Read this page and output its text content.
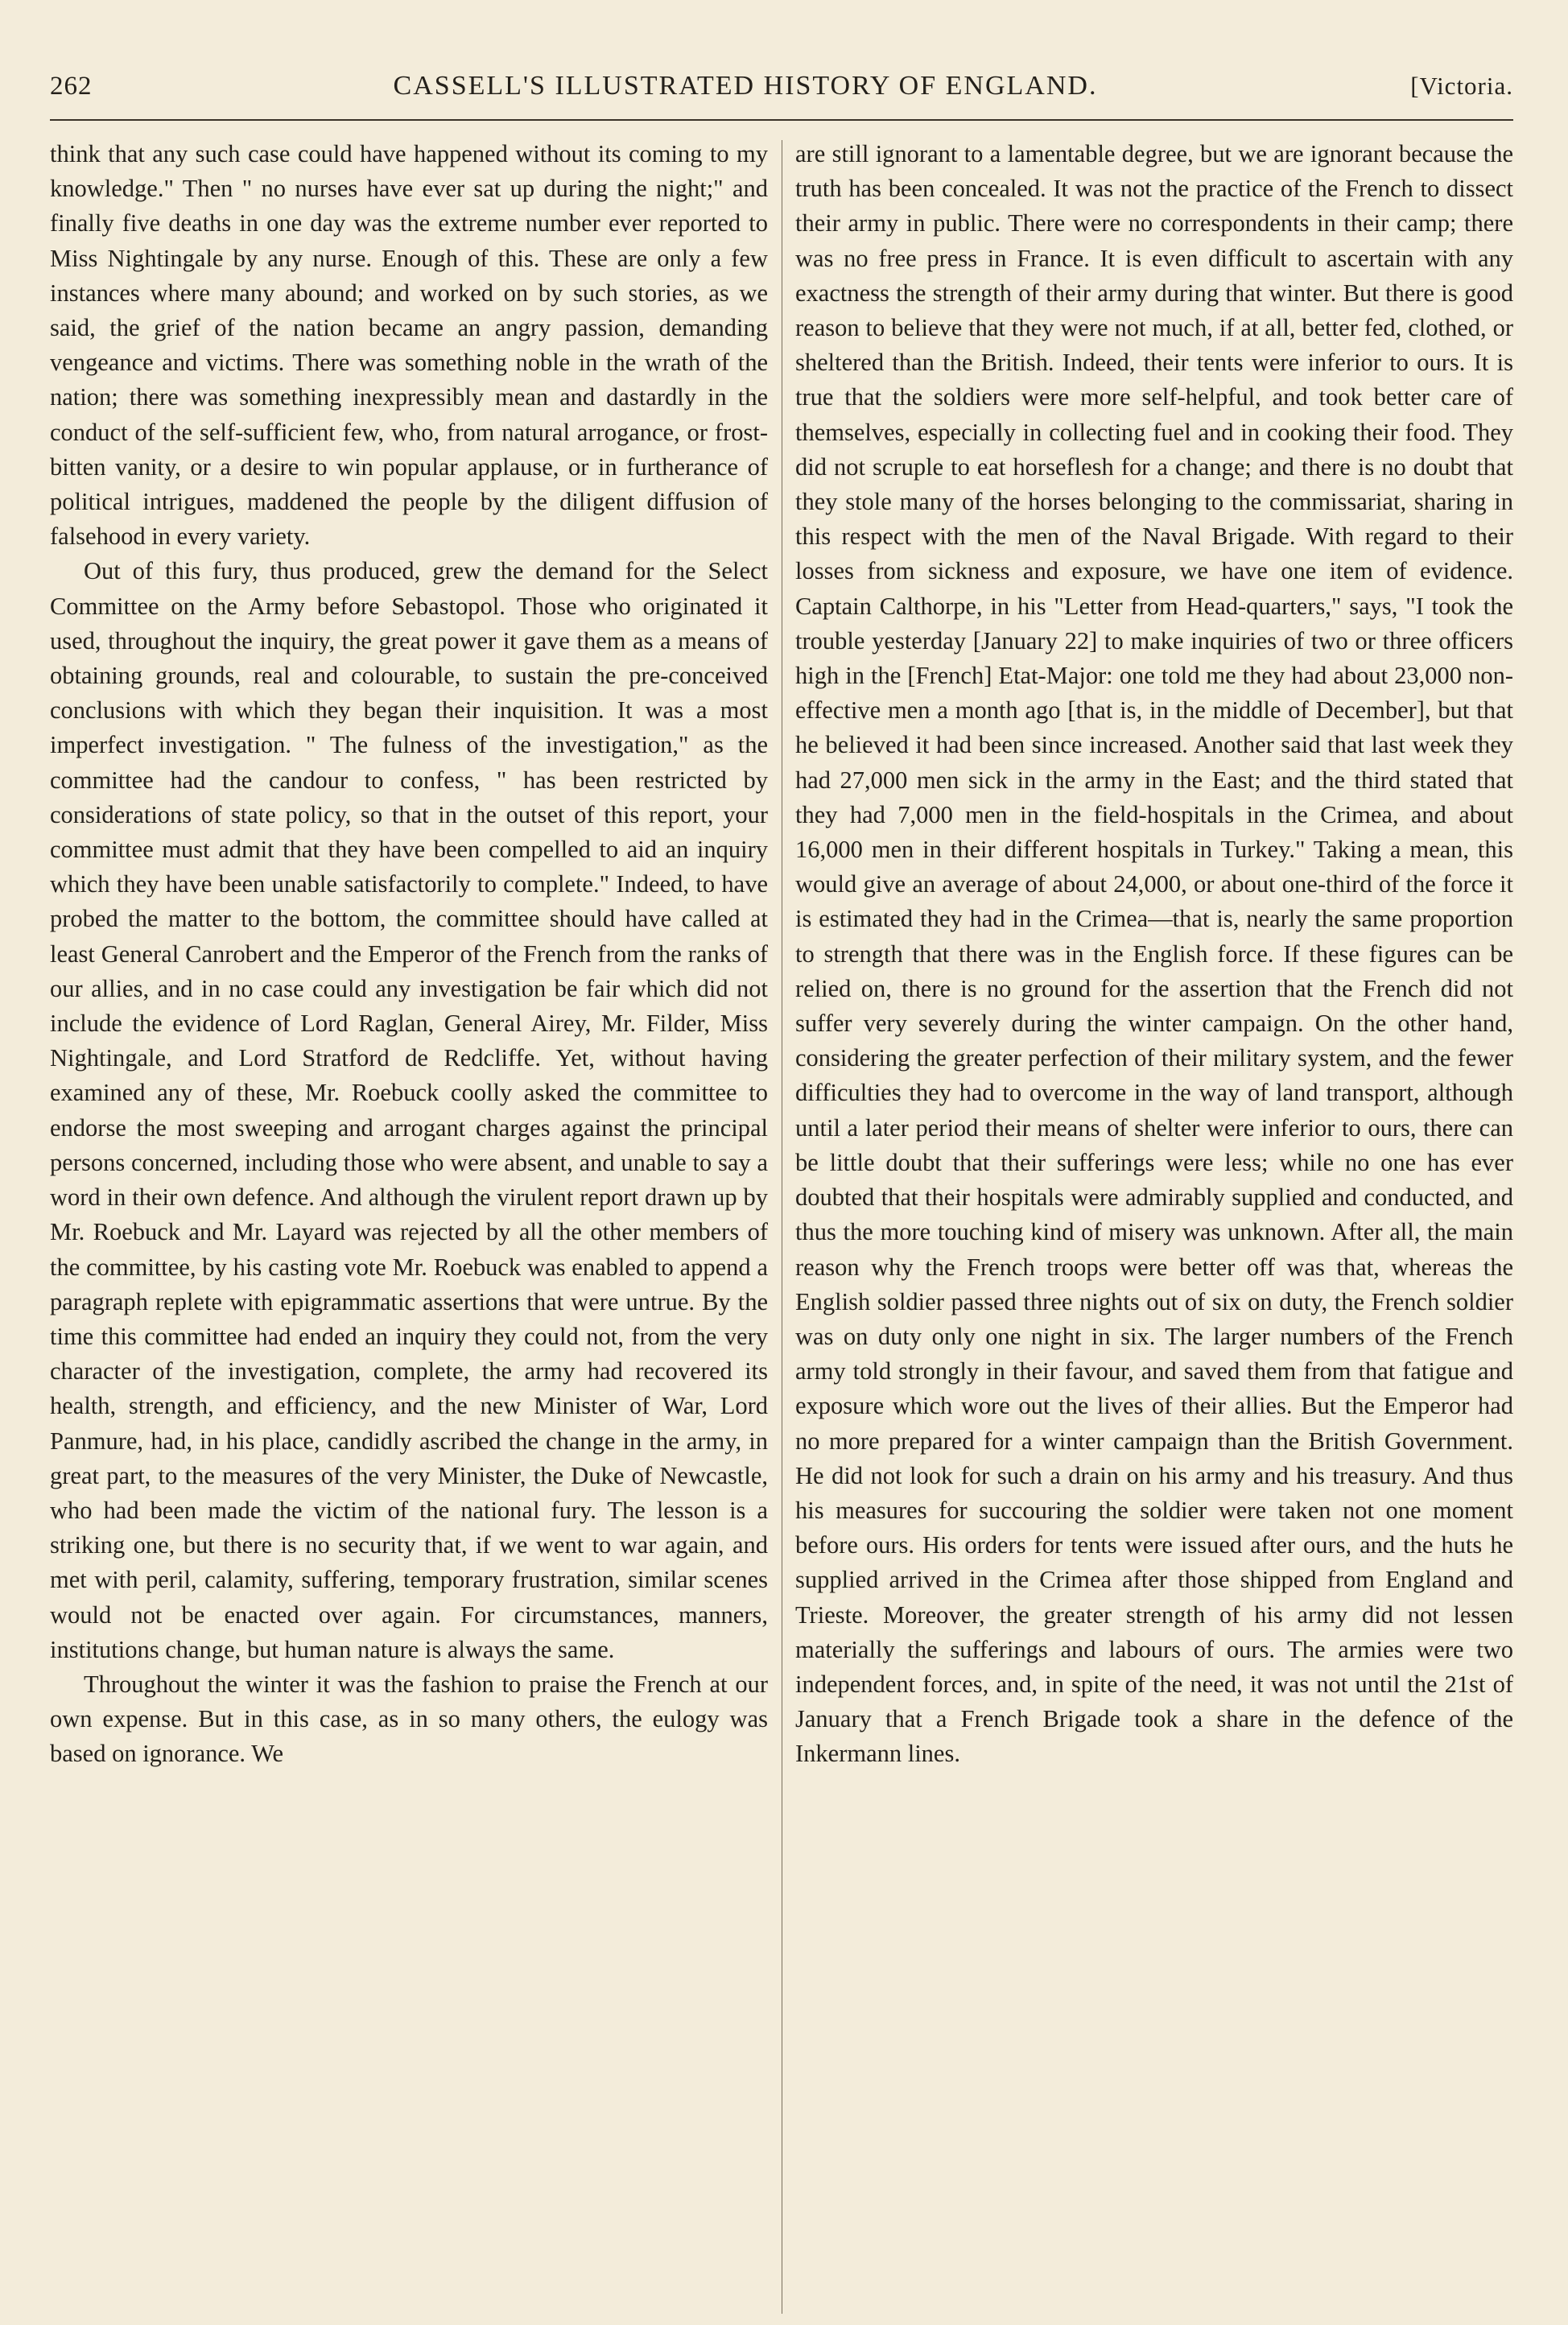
262	CASSELL'S ILLUSTRATED HISTORY OF ENGLAND.	[Victoria.

think that any such case could have happened without its coming to my knowledge." Then " no nurses have ever sat up during the night;" and finally five deaths in one day was the extreme number ever reported to Miss Nightingale by any nurse. Enough of this. These are only a few instances where many abound; and worked on by such stories, as we said, the grief of the nation became an angry passion, demanding vengeance and victims. There was something noble in the wrath of the nation; there was something inexpressibly mean and dastardly in the conduct of the self-sufficient few, who, from natural arrogance, or frost-bitten vanity, or a desire to win popular applause, or in furtherance of political intrigues, maddened the people by the diligent diffusion of falsehood in every variety.

Out of this fury, thus produced, grew the demand for the Select Committee on the Army before Sebastopol. Those who originated it used, throughout the inquiry, the great power it gave them as a means of obtaining grounds, real and colourable, to sustain the pre-conceived conclusions with which they began their inquisition. It was a most imperfect investigation. " The fulness of the investigation," as the committee had the candour to confess, " has been restricted by considerations of state policy, so that in the outset of this report, your committee must admit that they have been compelled to aid an inquiry which they have been unable satisfactorily to complete." Indeed, to have probed the matter to the bottom, the committee should have called at least General Canrobert and the Emperor of the French from the ranks of our allies, and in no case could any investigation be fair which did not include the evidence of Lord Raglan, General Airey, Mr. Filder, Miss Nightingale, and Lord Stratford de Redcliffe. Yet, without having examined any of these, Mr. Roebuck coolly asked the committee to endorse the most sweeping and arrogant charges against the principal persons concerned, including those who were absent, and unable to say a word in their own defence. And although the virulent report drawn up by Mr. Roebuck and Mr. Layard was rejected by all the other members of the committee, by his casting vote Mr. Roebuck was enabled to append a paragraph replete with epigrammatic assertions that were untrue. By the time this committee had ended an inquiry they could not, from the very character of the investigation, complete, the army had recovered its health, strength, and efficiency, and the new Minister of War, Lord Panmure, had, in his place, candidly ascribed the change in the army, in great part, to the measures of the very Minister, the Duke of Newcastle, who had been made the victim of the national fury. The lesson is a striking one, but there is no security that, if we went to war again, and met with peril, calamity, suffering, temporary frustration, similar scenes would not be enacted over again. For circumstances, manners, institutions change, but human nature is always the same.

Throughout the winter it was the fashion to praise the French at our own expense. But in this case, as in so many others, the eulogy was based on ignorance. We

are still ignorant to a lamentable degree, but we are ignorant because the truth has been concealed. It was not the practice of the French to dissect their army in public. There were no correspondents in their camp; there was no free press in France. It is even difficult to ascertain with any exactness the strength of their army during that winter. But there is good reason to believe that they were not much, if at all, better fed, clothed, or sheltered than the British. Indeed, their tents were inferior to ours. It is true that the soldiers were more self-helpful, and took better care of themselves, especially in collecting fuel and in cooking their food. They did not scruple to eat horseflesh for a change; and there is no doubt that they stole many of the horses belonging to the commissariat, sharing in this respect with the men of the Naval Brigade. With regard to their losses from sickness and exposure, we have one item of evidence. Captain Calthorpe, in his "Letter from Head-quarters," says, "I took the trouble yesterday [January 22] to make inquiries of two or three officers high in the [French] Etat-Major: one told me they had about 23,000 non-effective men a month ago [that is, in the middle of December], but that he believed it had been since increased. Another said that last week they had 27,000 men sick in the army in the East; and the third stated that they had 7,000 men in the field-hospitals in the Crimea, and about 16,000 men in their different hospitals in Turkey." Taking a mean, this would give an average of about 24,000, or about one-third of the force it is estimated they had in the Crimea—that is, nearly the same proportion to strength that there was in the English force. If these figures can be relied on, there is no ground for the assertion that the French did not suffer very severely during the winter campaign. On the other hand, considering the greater perfection of their military system, and the fewer difficulties they had to overcome in the way of land transport, although until a later period their means of shelter were inferior to ours, there can be little doubt that their sufferings were less; while no one has ever doubted that their hospitals were admirably supplied and conducted, and thus the more touching kind of misery was unknown. After all, the main reason why the French troops were better off was that, whereas the English soldier passed three nights out of six on duty, the French soldier was on duty only one night in six. The larger numbers of the French army told strongly in their favour, and saved them from that fatigue and exposure which wore out the lives of their allies. But the Emperor had no more prepared for a winter campaign than the British Government. He did not look for such a drain on his army and his treasury. And thus his measures for succouring the soldier were taken not one moment before ours. His orders for tents were issued after ours, and the huts he supplied arrived in the Crimea after those shipped from England and Trieste. Moreover, the greater strength of his army did not lessen materially the sufferings and labours of ours. The armies were two independent forces, and, in spite of the need, it was not until the 21st of January that a French Brigade took a share in the defence of the Inkermann lines.
